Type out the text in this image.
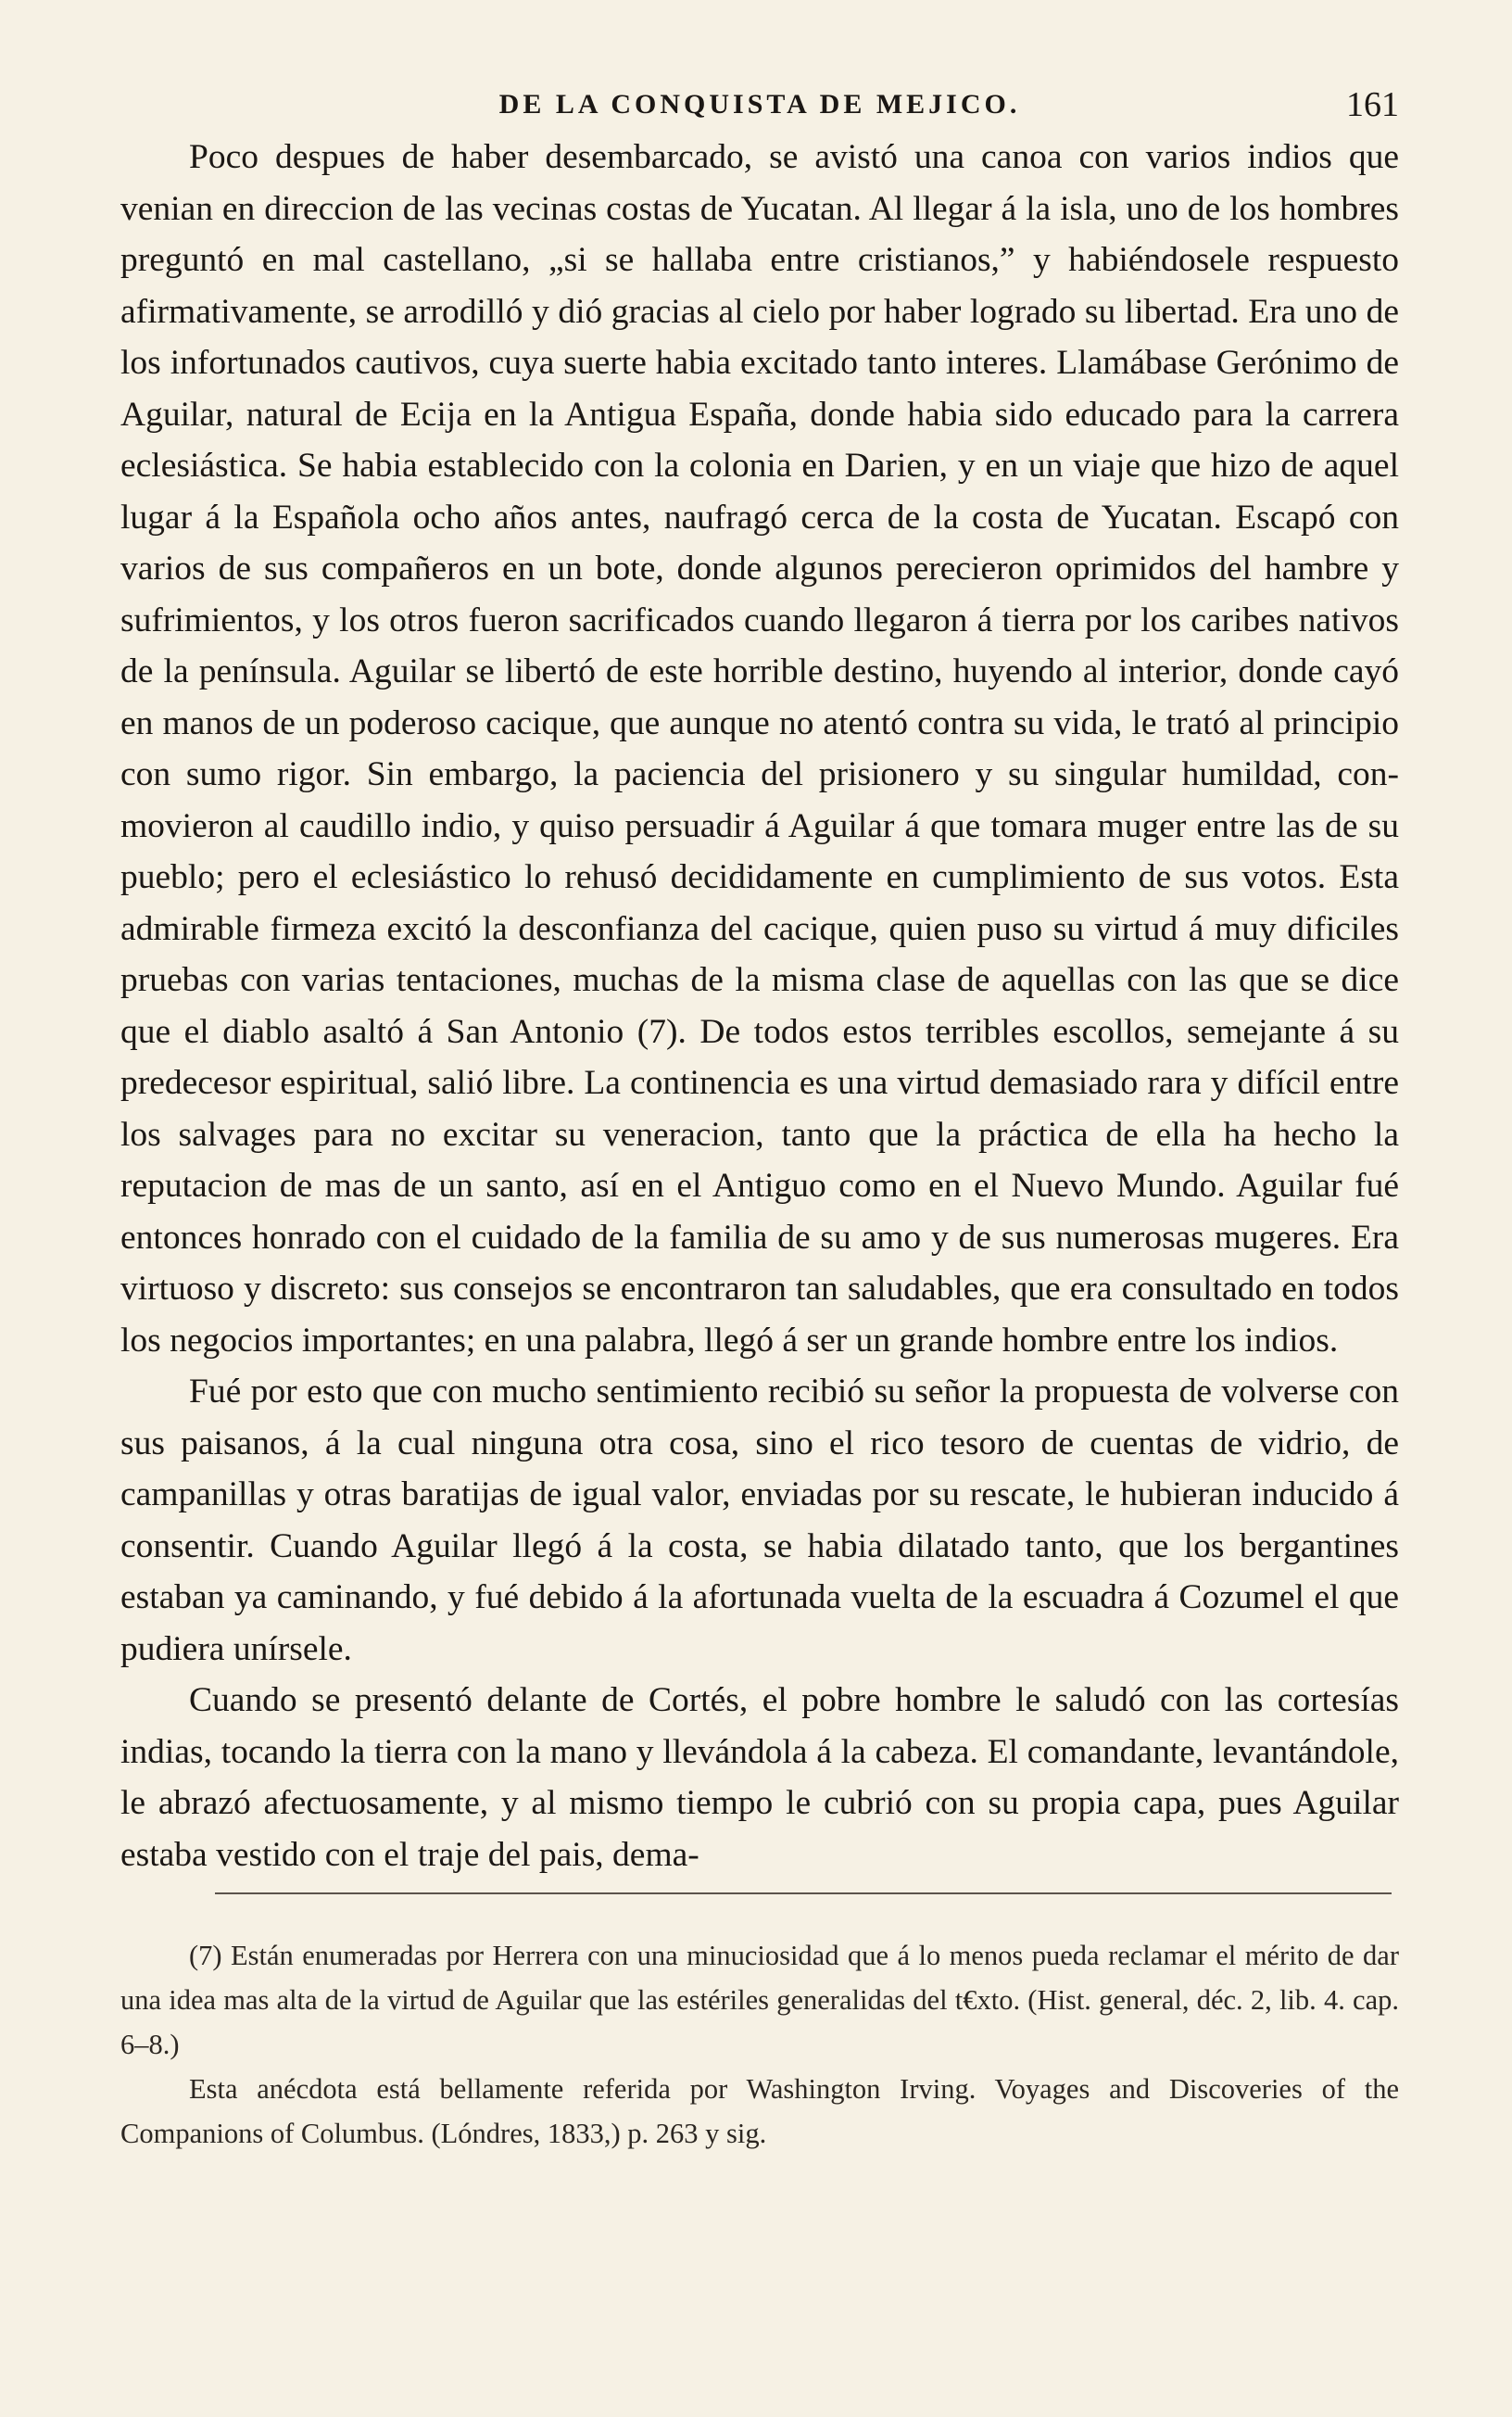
DE LA CONQUISTA DE MEJICO.	161

Poco despues de haber desembarcado, se avistó una canoa con varios indios que venian en direccion de las vecinas costas de Yucatan. Al llegar á la isla, uno de los hombres preguntó en mal castellano, „si se hallaba entre cristianos,” y habiéndosele respuesto afirmativamente, se arrodilló y dió gracias al cielo por haber logrado su libertad. Era uno de los infortunados cautivos, cuya suerte habia excitado tanto interes. Llamábase Gerónimo de Aguilar, natural de Ecija en la Antigua España, donde habia sido educado para la carrera eclesiástica. Se habia establecido con la colonia en Darien, y en un viaje que hizo de aquel lugar á la Española ocho años antes, naufragó cerca de la costa de Yucatan. Escapó con varios de sus compañeros en un bote, donde algunos perecieron oprimidos del hambre y sufrimientos, y los otros fueron sacrificados cuando llegaron á tierra por los caribes nativos de la península. Aguilar se libertó de este horrible destino, huyendo al interior, donde cayó en manos de un poderoso cacique, que aunque no atentó contra su vida, le trató al principio con sumo rigor. Sin embargo, la paciencia del prisionero y su singular humildad, conmovieron al caudillo indio, y quiso persuadir á Aguilar á que tomara muger entre las de su pueblo; pero el eclesiástico lo rehusó decididamente en cumplimiento de sus votos. Esta admirable firmeza excitó la desconfianza del cacique, quien puso su virtud á muy dificiles pruebas con varias tentaciones, muchas de la misma clase de aquellas con las que se dice que el diablo asaltó á San Antonio (7). De todos estos terribles escollos, semejante á su predecesor espiritual, salió libre. La continencia es una virtud demasiado rara y difícil entre los salvages para no excitar su veneracion, tanto que la práctica de ella ha hecho la reputacion de mas de un santo, así en el Antiguo como en el Nuevo Mundo. Aguilar fué entonces honrado con el cuidado de la familia de su amo y de sus numerosas mugeres. Era virtuoso y discreto: sus consejos se encontraron tan saludables, que era consultado en todos los negocios importantes; en una palabra, llegó á ser un grande hombre entre los indios.

Fué por esto que con mucho sentimiento recibió su señor la propuesta de volverse con sus paisanos, á la cual ninguna otra cosa, sino el rico tesoro de cuentas de vidrio, de campanillas y otras baratijas de igual valor, enviadas por su rescate, le hubieran inducido á consentir. Cuando Aguilar llegó á la costa, se habia dilatado tanto, que los bergantines estaban ya caminando, y fué debido á la afortunada vuelta de la escuadra á Cozumel el que pudiera unírsele.

Cuando se presentó delante de Cortés, el pobre hombre le saludó con las cortesías indias, tocando la tierra con la mano y llevándola á la cabeza. El comandante, levantándole, le abrazó afectuosamente, y al mismo tiempo le cubrió con su propia capa, pues Aguilar estaba vestido con el traje del pais, dema-

(7) Están enumeradas por Herrera con una minuciosidad que á lo menos pueda reclamar el mérito de dar una idea mas alta de la virtud de Aguilar que las estériles generalidas del t€xto. (Hist. general, déc. 2, lib. 4. cap. 6–8.)

Esta anécdota está bellamente referida por Washington Irving. Voyages and Discoveries of the Companions of Columbus. (Lóndres, 1833,) p. 263 y sig.
